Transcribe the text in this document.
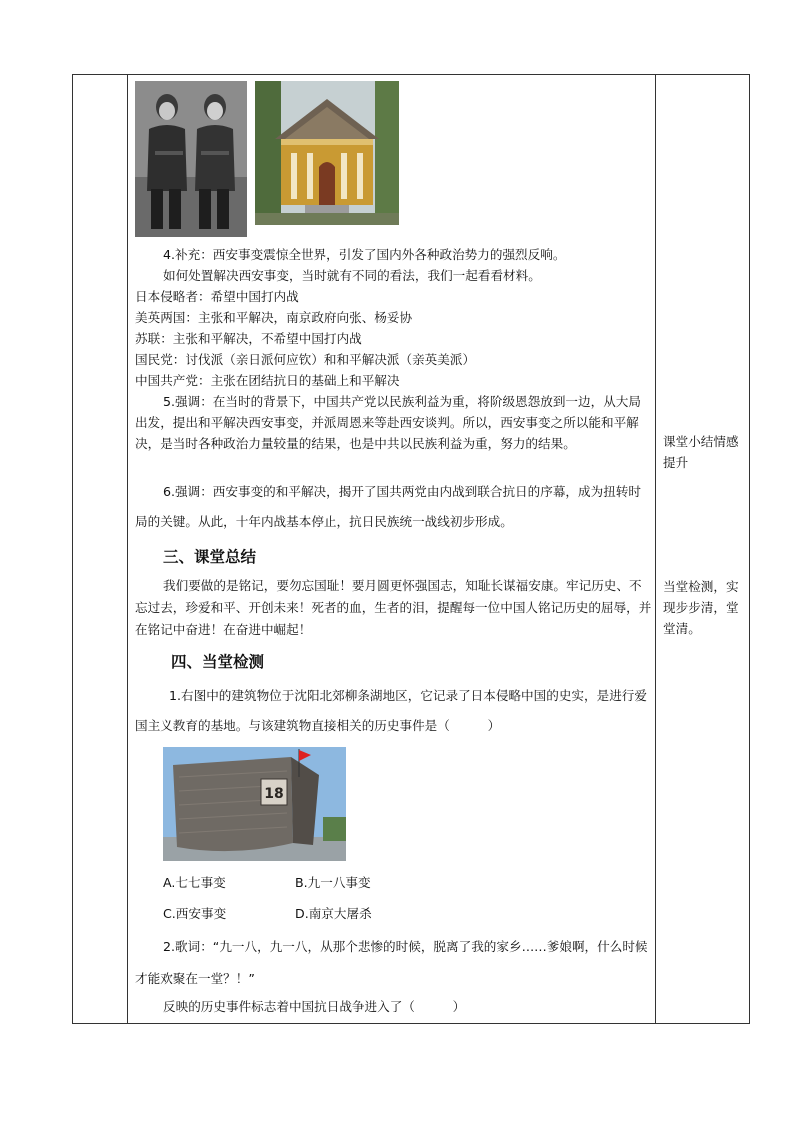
4.补充：西安事变震惊全世界，引发了国内外各种政治势力的强烈反响。
如何处置解决西安事变，当时就有不同的看法，我们一起看看材料。
日本侵略者：希望中国打内战
美英两国：主张和平解决，南京政府向张、杨妥协
苏联：主张和平解决，不希望中国打内战
国民党：讨伐派（亲日派何应钦）和和平解决派（亲英美派）
中国共产党：主张在团结抗日的基础上和平解决
5.强调：在当时的背景下，中国共产党以民族利益为重，将阶级恩怨放到一边，从大局出发，提出和平解决西安事变，并派周恩来等赴西安谈判。所以，西安事变之所以能和平解决，是当时各种政治力量较量的结果，也是中共以民族利益为重，努力的结果。
6.强调：西安事变的和平解决，揭开了国共两党由内战到联合抗日的序幕，成为扭转时局的关键。从此，十年内战基本停止，抗日民族统一战线初步形成。
三、课堂总结
我们要做的是铭记，要勿忘国耻！要月圆更怀强国志，知耻长谋福安康。牢记历史、不忘过去，珍爱和平、开创未来！死者的血，生者的泪，提醒每一位中国人铭记历史的屈辱，并在铭记中奋进！在奋进中崛起！
四、当堂检测
1.右图中的建筑物位于沈阳北郊柳条湖地区，它记录了日本侵略中国的史实，是进行爱国主义教育的基地。与该建筑物直接相关的历史事件是（　　　）
18
A.七七事变	B.九一八事变
C.西安事变	D.南京大屠杀
2.歌词：“九一八，九一八，从那个悲惨的时候，脱离了我的家乡……爹娘啊，什么时候才能欢聚在一堂？！”
反映的历史事件标志着中国抗日战争进入了（　　　）
课堂小结情感提升
当堂检测，实现步步清，堂堂清。
